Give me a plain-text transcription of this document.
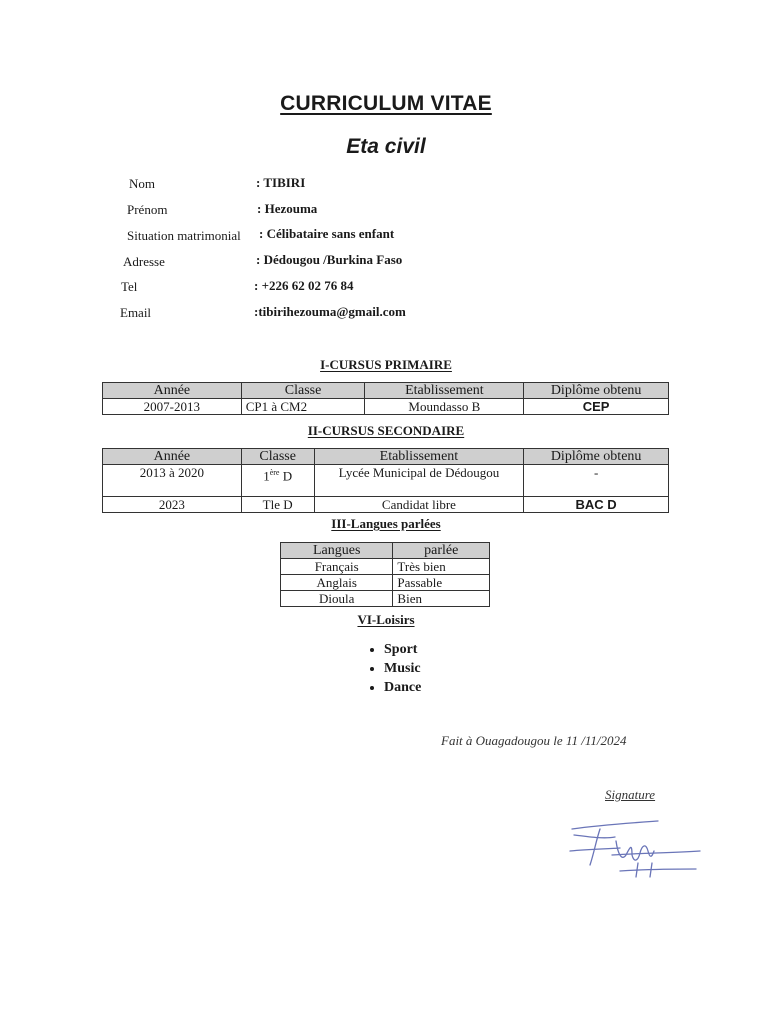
CURRICULUM VITAE
Eta civil
Nom	: TIBIRI
Prénom	: Hezouma
Situation matrimonial : Célibataire sans enfant
Adresse	: Dédougou /Burkina Faso
Tel	: +226 62 02 76 84
Email	:tibirihezouma@gmail.com
I-CURSUS PRIMAIRE
Année	Classe	Etablissement	Diplôme obtenu
2007-2013	CP1 à CM2	Moundasso B	CEP
II-CURSUS SECONDAIRE
Année	Classe	Etablissement	Diplôme obtenu
2013 à 2020	1ère D	Lycée Municipal de Dédougou	-
2023	Tle D	Candidat libre	BAC D
III-Langues parlées
Langues	parlée
Français	Très bien
Anglais	Passable
Dioula	Bien
VI-Loisirs
• Sport
• Music
• Dance
Fait à Ouagadougou le 11 /11/2024
Signature
